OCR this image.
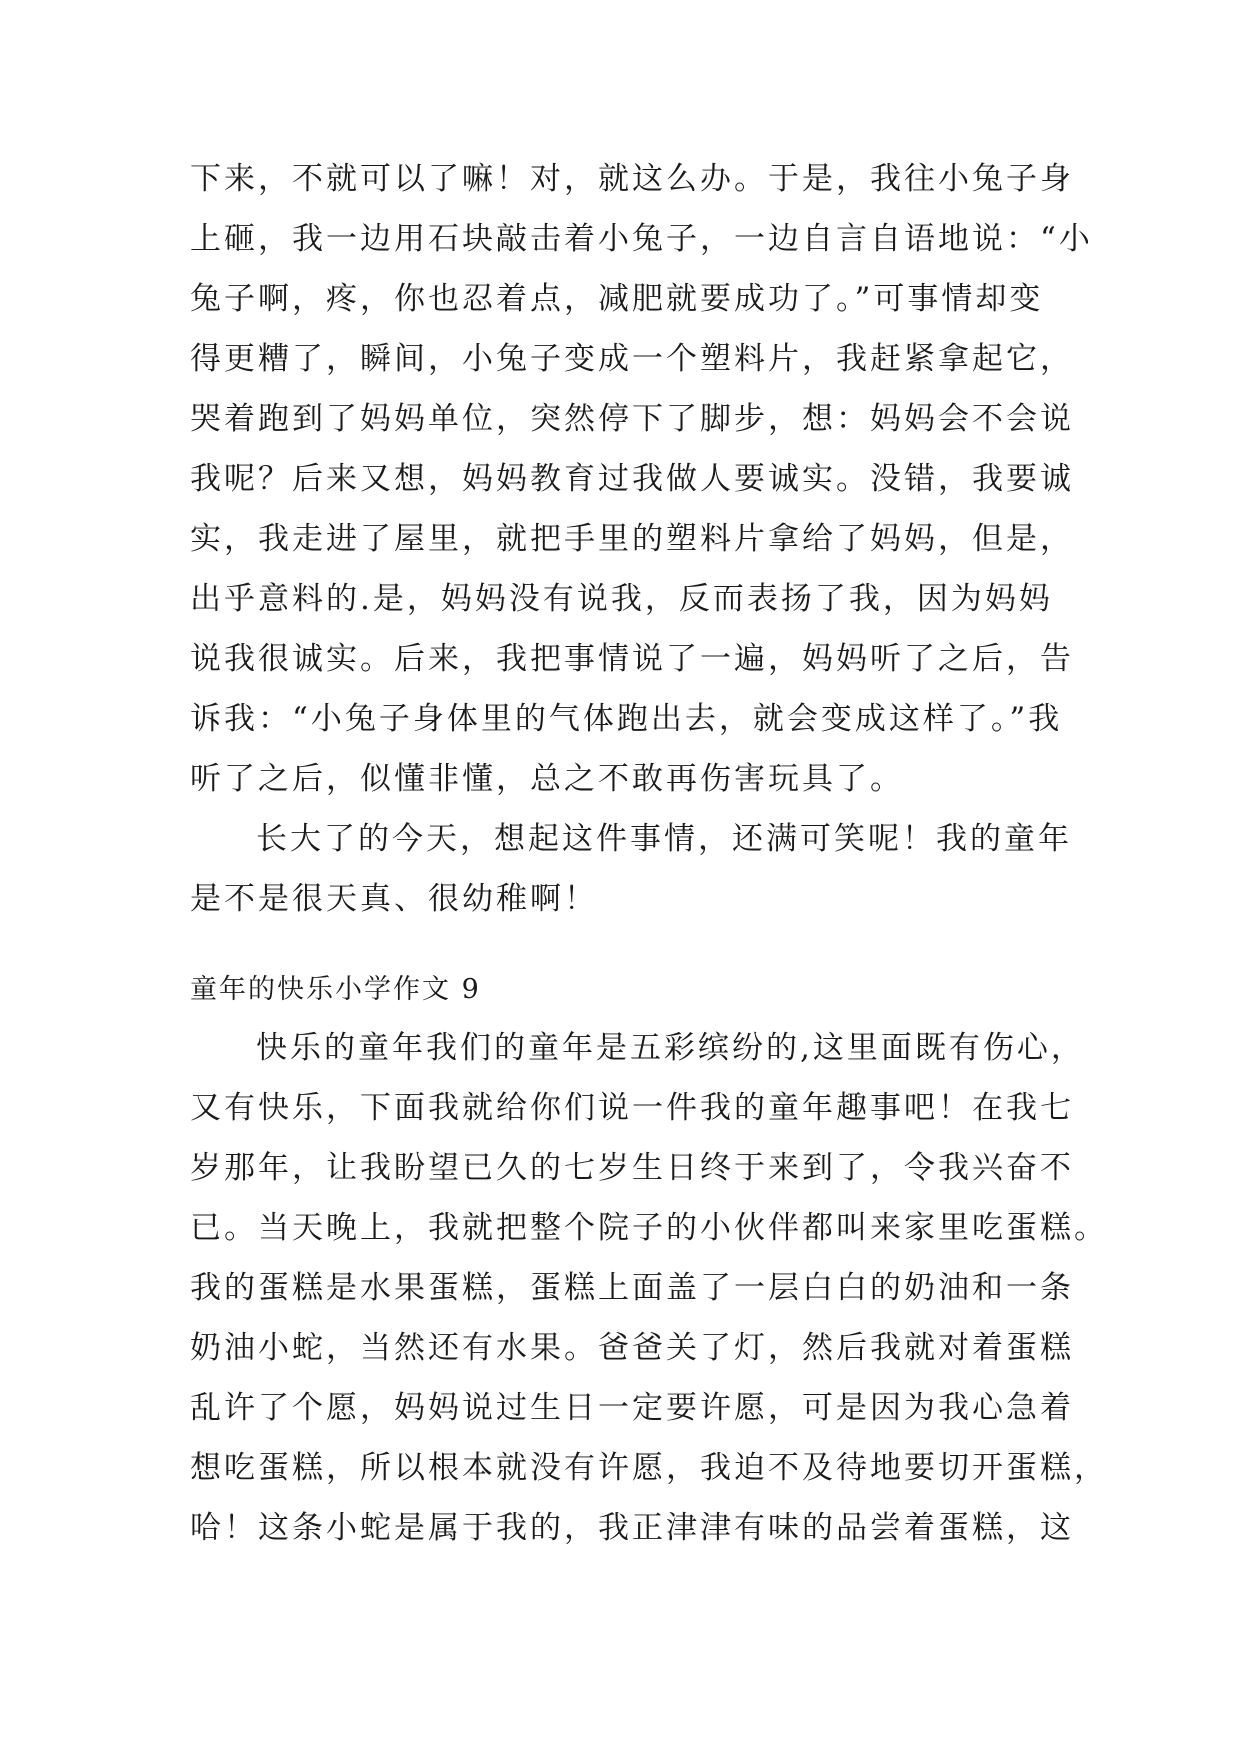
下来，不就可以了嘛！对，就这么办。于是，我往小兔子身
上砸，我一边用石块敲击着小兔子，一边自言自语地说：“小
兔子啊，疼，你也忍着点，减肥就要成功了。”可事情却变
得更糟了，瞬间，小兔子变成一个塑料片，我赶紧拿起它，
哭着跑到了妈妈单位，突然停下了脚步，想：妈妈会不会说
我呢？后来又想，妈妈教育过我做人要诚实。没错，我要诚
实，我走进了屋里，就把手里的塑料片拿给了妈妈，但是，
出乎意料的.是，妈妈没有说我，反而表扬了我，因为妈妈
说我很诚实。后来，我把事情说了一遍，妈妈听了之后，告
诉我：“小兔子身体里的气体跑出去，就会变成这样了。”我
听了之后，似懂非懂，总之不敢再伤害玩具了。
长大了的今天，想起这件事情，还满可笑呢！我的童年
是不是很天真、很幼稚啊！
童年的快乐小学作文 9
快乐的童年我们的童年是五彩缤纷的,这里面既有伤心，
又有快乐，下面我就给你们说一件我的童年趣事吧！在我七
岁那年，让我盼望已久的七岁生日终于来到了，令我兴奋不
已。当天晚上，我就把整个院子的小伙伴都叫来家里吃蛋糕。
我的蛋糕是水果蛋糕，蛋糕上面盖了一层白白的奶油和一条
奶油小蛇，当然还有水果。爸爸关了灯，然后我就对着蛋糕
乱许了个愿，妈妈说过生日一定要许愿，可是因为我心急着
想吃蛋糕，所以根本就没有许愿，我迫不及待地要切开蛋糕，
哈！这条小蛇是属于我的，我正津津有味的品尝着蛋糕，这
